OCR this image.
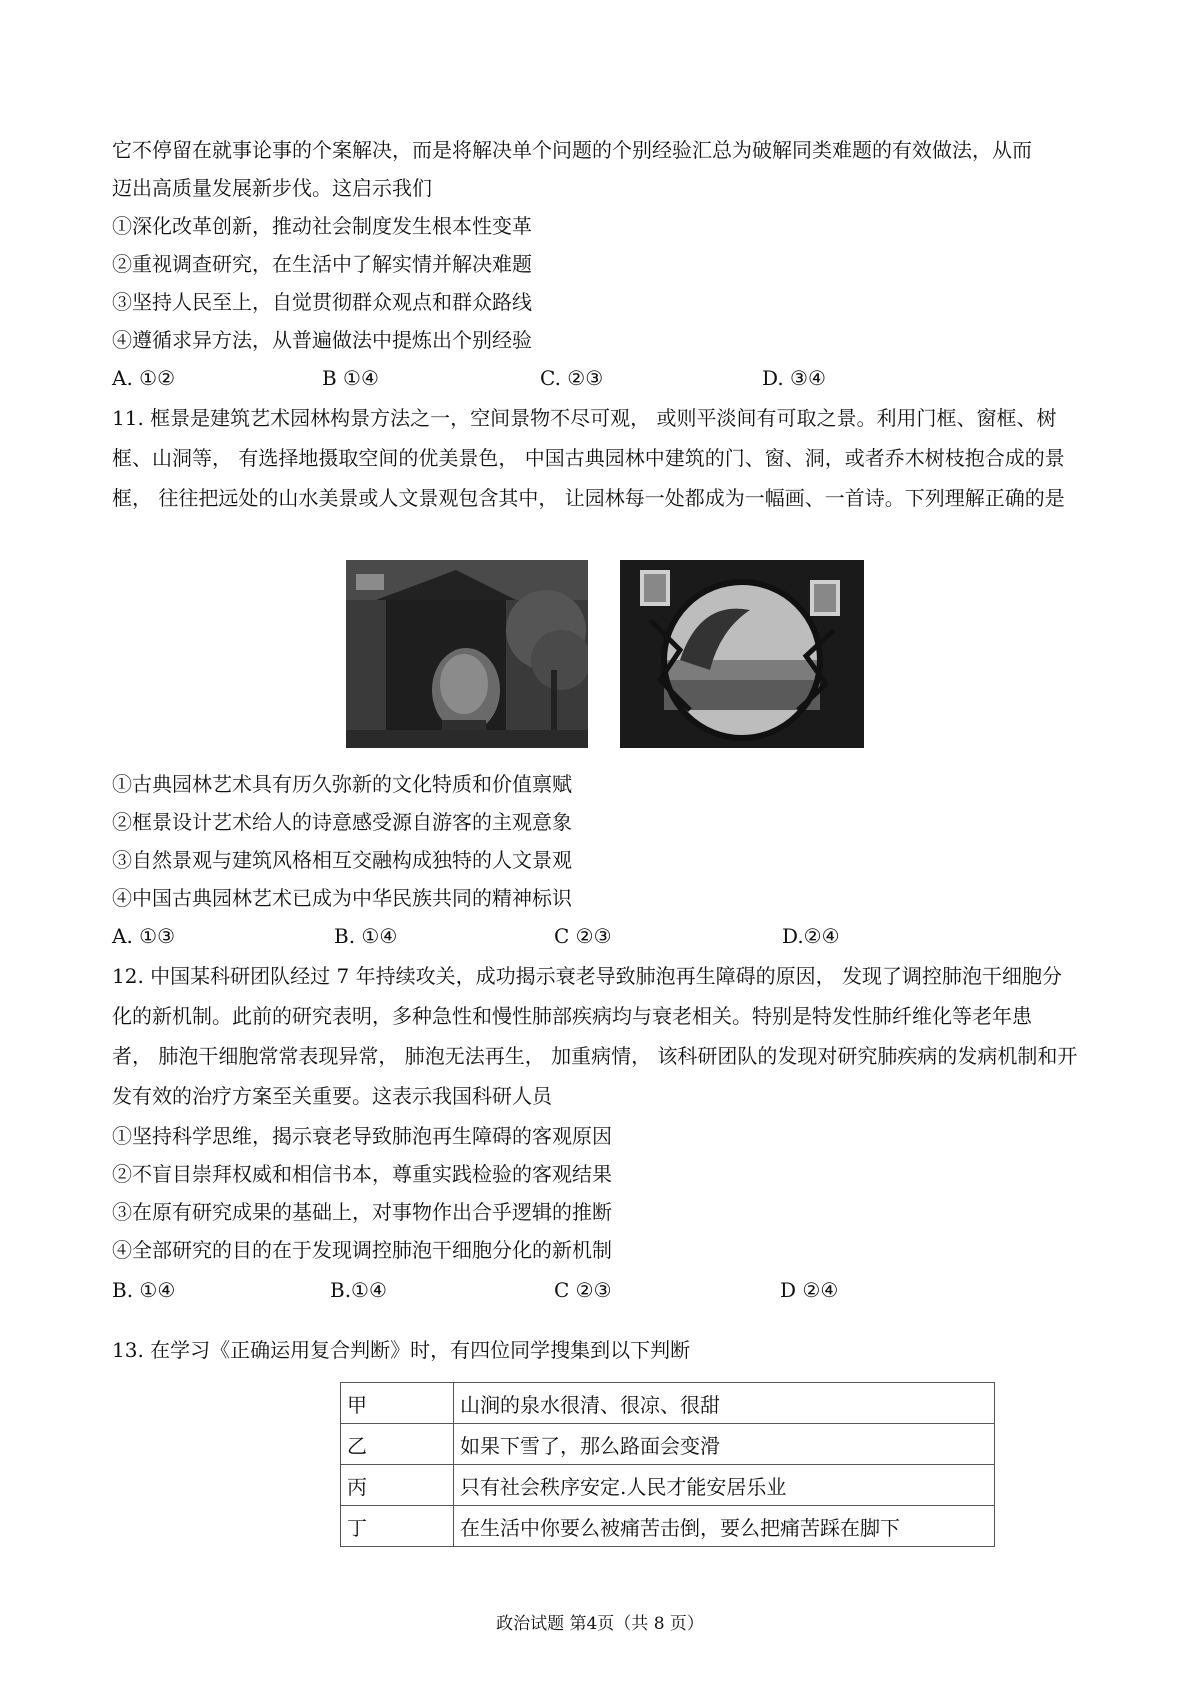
它不停留在就事论事的个案解决，而是将解决单个问题的个别经验汇总为破解同类难题的有效做法，从而
迈出高质量发展新步伐。这启示我们
①深化改革创新，推动社会制度发生根本性变革
②重视调查研究，在生活中了解实情并解决难题
③坚持人民至上，自觉贯彻群众观点和群众路线
④遵循求异方法，从普遍做法中提炼出个别经验
A. ①②	B ①④	C. ②③	D. ③④
11. 框景是建筑艺术园林构景方法之一，空间景物不尽可观， 或则平淡间有可取之景。利用门框、窗框、树
框、山洞等， 有选择地摄取空间的优美景色， 中国古典园林中建筑的门、窗、洞，或者乔木树枝抱合成的景
框， 往往把远处的山水美景或人文景观包含其中， 让园林每一处都成为一幅画、一首诗。下列理解正确的是
①古典园林艺术具有历久弥新的文化特质和价值禀赋
②框景设计艺术给人的诗意感受源自游客的主观意象
③自然景观与建筑风格相互交融构成独特的人文景观
④中国古典园林艺术已成为中华民族共同的精神标识
A. ①③	B. ①④	C ②③	D.②④
12. 中国某科研团队经过 7 年持续攻关，成功揭示衰老导致肺泡再生障碍的原因， 发现了调控肺泡干细胞分
化的新机制。此前的研究表明，多种急性和慢性肺部疾病均与衰老相关。特别是特发性肺纤维化等老年患
者， 肺泡干细胞常常表现异常， 肺泡无法再生， 加重病情， 该科研团队的发现对研究肺疾病的发病机制和开
发有效的治疗方案至关重要。这表示我国科研人员
①坚持科学思维，揭示衰老导致肺泡再生障碍的客观原因
②不盲目崇拜权威和相信书本，尊重实践检验的客观结果
③在原有研究成果的基础上，对事物作出合乎逻辑的推断
④全部研究的目的在于发现调控肺泡干细胞分化的新机制
B. ①④	B.①④	C ②③	D ②④
13. 在学习《正确运用复合判断》时，有四位同学搜集到以下判断
甲	山涧的泉水很清、很凉、很甜
乙	如果下雪了，那么路面会变滑
丙	只有社会秩序安定.人民才能安居乐业
丁	在生活中你要么被痛苦击倒，要么把痛苦踩在脚下
政治试题 第4页（共 8 页）
